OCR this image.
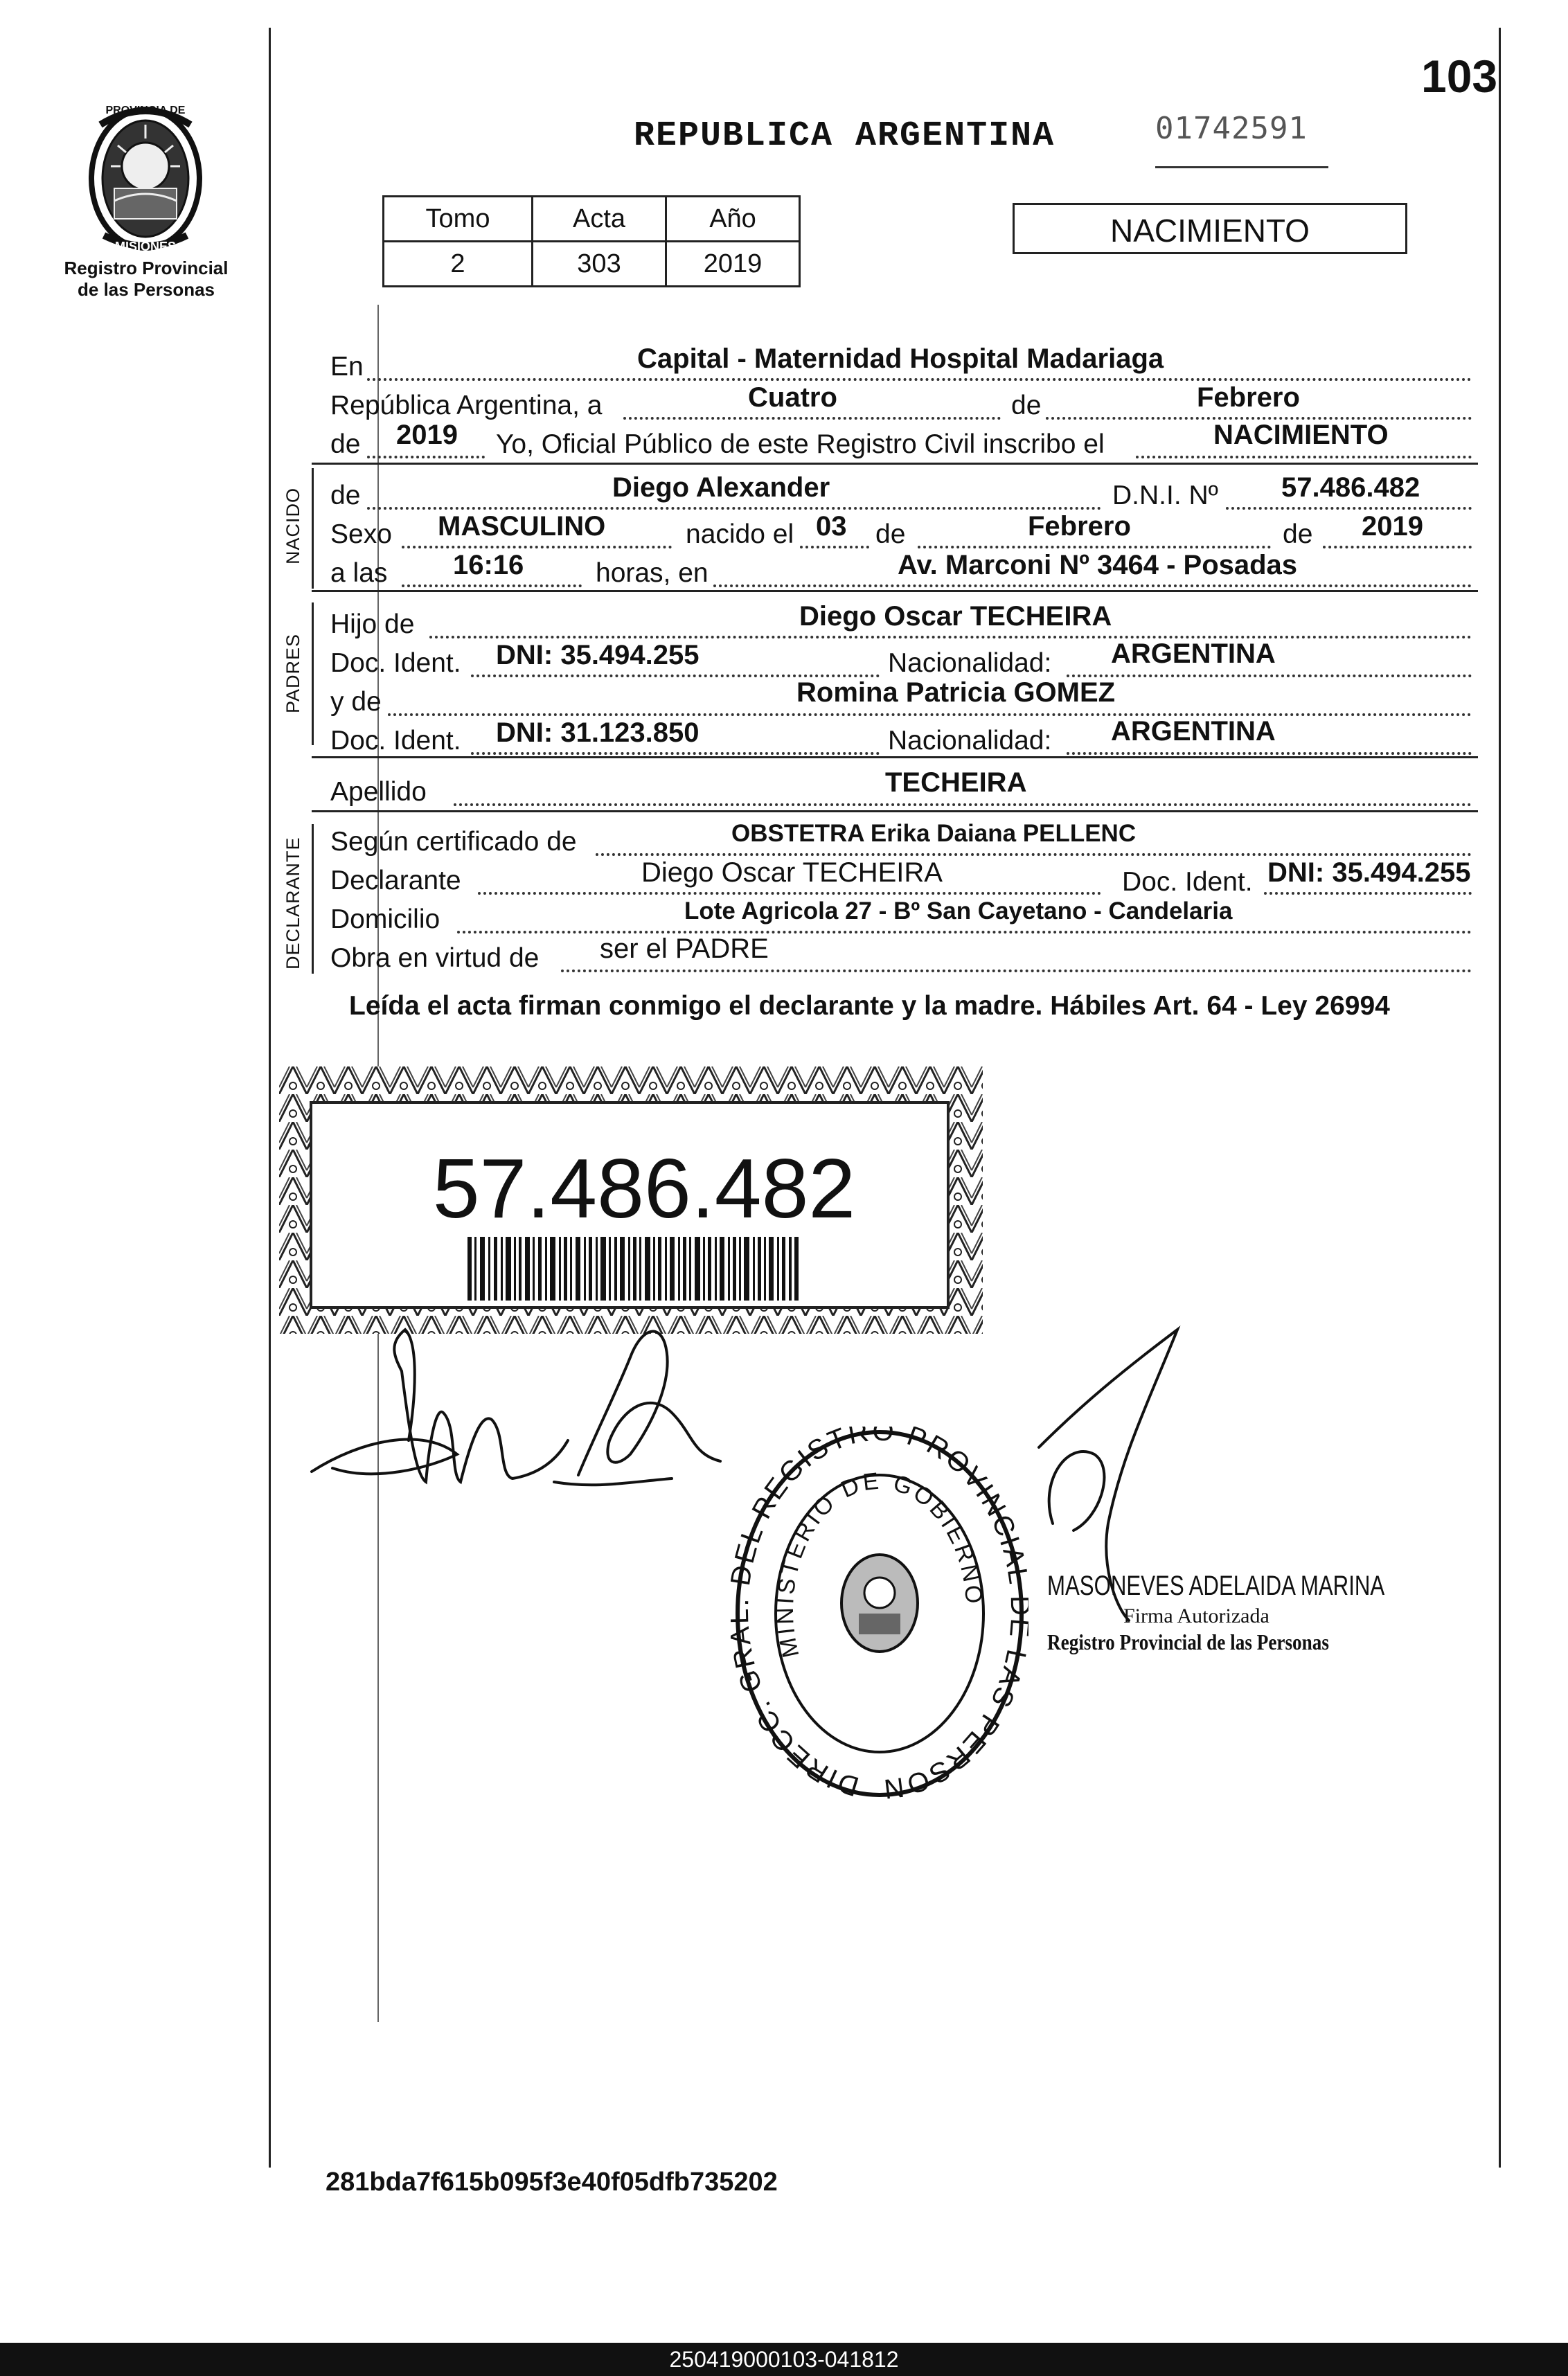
PROVINCIA DE
MISIONES
Registro Provincial
de las Personas
103
REPUBLICA ARGENTINA	01742591
Tomo	Acta	Año
2	303	2019
NACIMIENTO
En	Capital - Maternidad Hospital Madariaga
República Argentina, a	Cuatro	de	Febrero
de 2019 Yo, Oficial Público de este Registro Civil inscribo el	NACIMIENTO
NACIDO de	Diego Alexander	D.N.I. Nº 57.486.482
Sexo MASCULINO	nacido el 03 de	Febrero	de 2019
a las 16:16	horas, en	Av. Marconi Nº 3464 - Posadas
PADRES
Hijo de	Diego Oscar TECHEIRA
Doc. Ident. DNI: 35.494.255	Nacionalidad: ARGENTINA
y de	Romina Patricia GOMEZ
Doc. Ident. DNI: 31.123.850	Nacionalidad: ARGENTINA
Apellido	TECHEIRA
DECLARANTE Según certificado de	OBSTETRA Erika Daiana PELLENC
Declarante	Diego Oscar TECHEIRA	Doc. Ident. DNI: 35.494.255
Domicilio	Lote Agricola 27 - Bº San Cayetano - Candelaria
Obra en virtud de ser el PADRE
Leída el acta firman conmigo el declarante y la madre. Hábiles Art. 64 - Ley 26994
57.486.482
DIRECC. G EL REGISTRO PROVINCIA LAS PERSON
MINISTERIO DE GOBIERNO MASONEVES ADELAIDA MARINA
Firma Autorizada
Registro Provincial de las Personas
281bda7f615b095f3e40f05dfb735202
250419000103-041812
